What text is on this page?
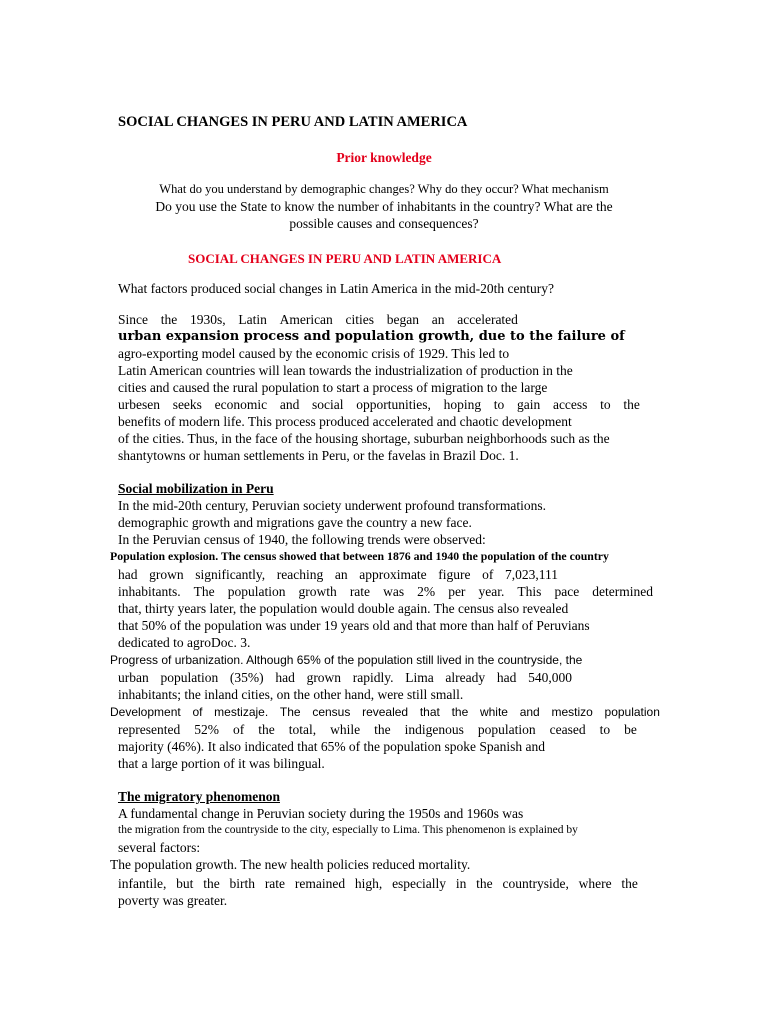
SOCIAL CHANGES IN PERU AND LATIN AMERICA
Prior knowledge
What do you understand by demographic changes? Why do they occur? What mechanism
Do you use the State to know the number of inhabitants in the country? What are the
possible causes and consequences?
SOCIAL CHANGES IN PERU AND LATIN AMERICA
What factors produced social changes in Latin America in the mid-20th century?
Since the 1930s, Latin American cities began an accelerated
urban expansion process and population growth, due to the failure of
agro-exporting model caused by the economic crisis of 1929. This led to
Latin American countries will lean towards the industrialization of production in the
cities and caused the rural population to start a process of migration to the large
urbesen seeks economic and social opportunities, hoping to gain access to the
benefits of modern life. This process produced accelerated and chaotic development
of the cities. Thus, in the face of the housing shortage, suburban neighborhoods such as the
shantytowns or human settlements in Peru, or the favelas in Brazil Doc. 1.
Social mobilization in Peru
In the mid-20th century, Peruvian society underwent profound transformations.
demographic growth and migrations gave the country a new face.
In the Peruvian census of 1940, the following trends were observed:
Population explosion. The census showed that between 1876 and 1940 the population of the country
had grown significantly, reaching an approximate figure of 7,023,111
inhabitants. The population growth rate was 2% per year. This pace determined
that, thirty years later, the population would double again. The census also revealed
that 50% of the population was under 19 years old and that more than half of Peruvians
dedicated to agroDoc. 3.
Progress of urbanization. Although 65% of the population still lived in the countryside, the
urban population (35%) had grown rapidly. Lima already had 540,000
inhabitants; the inland cities, on the other hand, were still small.
Development of mestizaje. The census revealed that the white and mestizo population
represented 52% of the total, while the indigenous population ceased to be
majority (46%). It also indicated that 65% of the population spoke Spanish and
that a large portion of it was bilingual.
The migratory phenomenon
A fundamental change in Peruvian society during the 1950s and 1960s was
the migration from the countryside to the city, especially to Lima. This phenomenon is explained by
several factors:
The population growth. The new health policies reduced mortality.
infantile, but the birth rate remained high, especially in the countryside, where the
poverty was greater.
